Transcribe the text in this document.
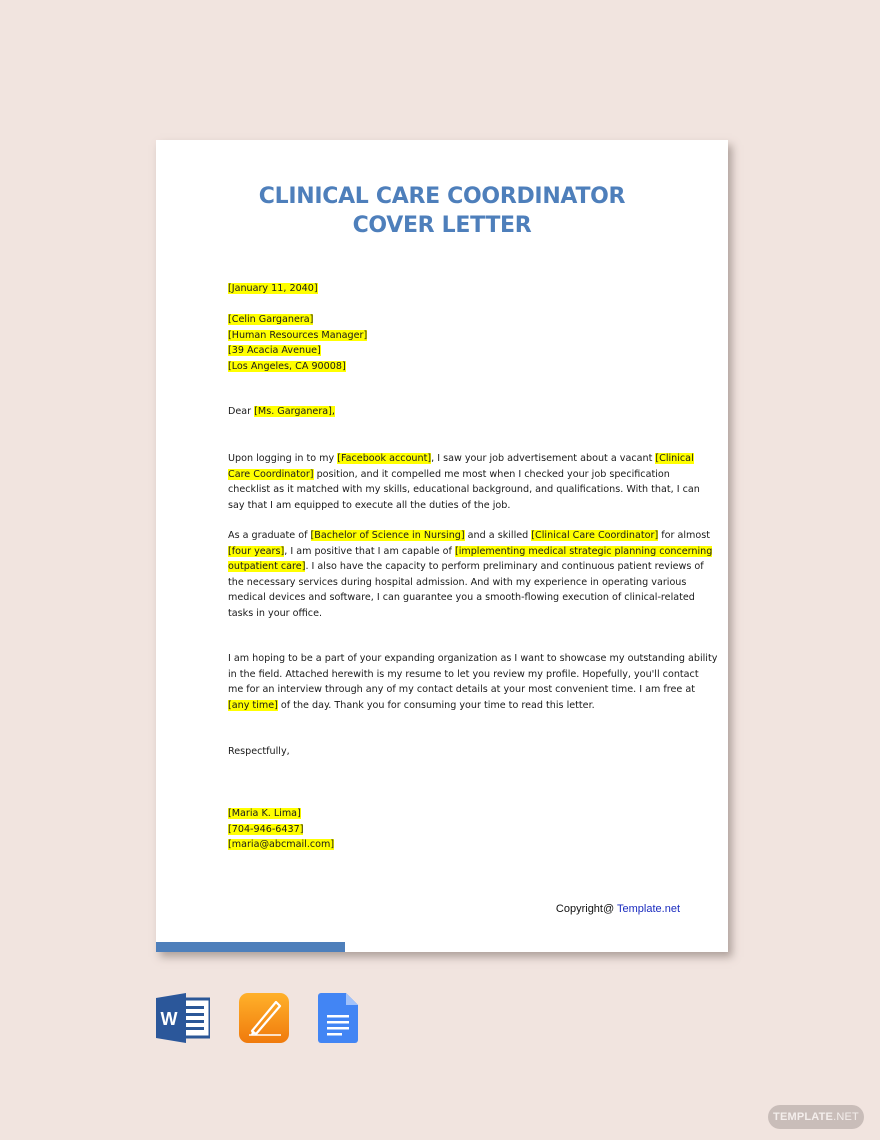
CLINICAL CARE COORDINATOR
COVER LETTER
[January 11, 2040]
[Celin Garganera]
[Human Resources Manager]
[39 Acacia Avenue]
[Los Angeles, CA 90008]
Dear [Ms. Garganera],
Upon logging in to my [Facebook account], I saw your job advertisement about a vacant [Clinical
Care Coordinator] position, and it compelled me most when I checked your job specification
checklist as it matched with my skills, educational background, and qualifications. With that, I can
say that I am equipped to execute all the duties of the job.
As a graduate of [Bachelor of Science in Nursing] and a skilled [Clinical Care Coordinator] for almost
[four years], I am positive that I am capable of [implementing medical strategic planning concerning
outpatient care]. I also have the capacity to perform preliminary and continuous patient reviews of
the necessary services during hospital admission. And with my experience in operating various
medical devices and software, I can guarantee you a smooth-flowing execution of clinical-related
tasks in your office.
I am hoping to be a part of your expanding organization as I want to showcase my outstanding ability
in the field. Attached herewith is my resume to let you review my profile. Hopefully, you'll contact
me for an interview through any of my contact details at your most convenient time. I am free at
[any time] of the day. Thank you for consuming your time to read this letter.
Respectfully,
[Maria K. Lima]
[704-946-6437]
[maria@abcmail.com]
Copyright@ Template.net
W
TEMPLATE.NET
